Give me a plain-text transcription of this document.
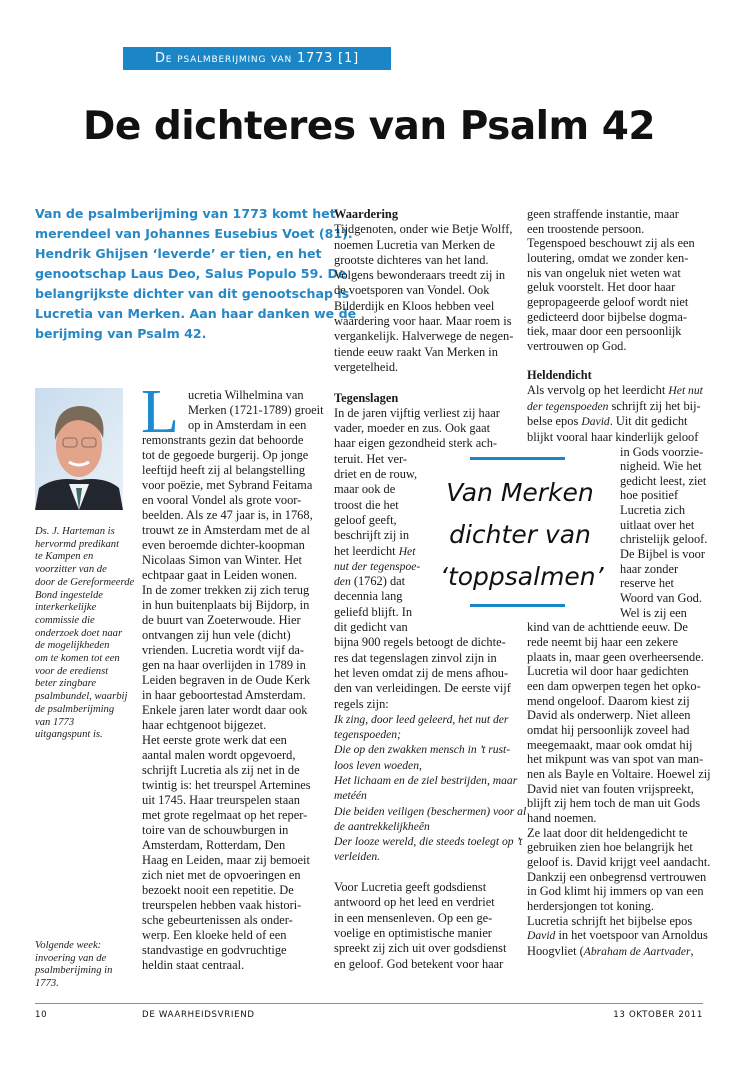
De psalmberijming van 1773 [1]
De dichteres van Psalm 42
Van de psalmberijming van 1773 komt het
merendeel van Johannes Eusebius Voet (81).
Hendrik Ghijsen ‘leverde’ er tien, en het
genootschap Laus Deo, Salus Populo 59. De
belangrijkste dichter van dit genootschap is
Lucretia van Merken. Aan haar danken we de
berijming van Psalm 42.
Ds. J. Harteman is
hervormd predikant
te Kampen en
voorzitter van de
door de Gereformeerde
Bond ingestelde
interkerkelijke
commissie die
onderzoek doet naar
de mogelijkheden
om te komen tot een
voor de eredienst
beter zingbare
psalmbundel, waarbij
de psalmberijming
van 1773
uitgangspunt is.
Volgende week:
invoering van de
psalmberijming in
1773.
L ucretia Wilhelmina van
Merken (1721-1789) groeit
op in Amsterdam in een
remonstrants gezin dat behoorde
tot de gegoede burgerij. Op jonge
leeftijd heeft zij al belangstelling
voor poëzie, met Sybrand Feitama
en vooral Vondel als grote voor-
beelden. Als ze 47 jaar is, in 1768,
trouwt ze in Amsterdam met de al
even beroemde dichter-koopman
Nicolaas Simon van Winter. Het
echtpaar gaat in Leiden wonen.
In de zomer trekken zij zich terug
in hun buitenplaats bij Bijdorp, in
de buurt van Zoeterwoude. Hier
ontvangen zij hun vele (dicht)
vrienden. Lucretia wordt vijf da-
gen na haar overlijden in 1789 in
Leiden begraven in de Oude Kerk
in haar geboortestad Amsterdam.
Enkele jaren later wordt daar ook
haar echtgenoot bijgezet.
Het eerste grote werk dat een
aantal malen wordt opgevoerd,
schrijft Lucretia als zij net in de
twintig is: het treurspel Artemines
uit 1745. Haar treurspelen staan
met grote regelmaat op het reper-
toire van de schouwburgen in
Amsterdam, Rotterdam, Den
Haag en Leiden, maar zij bemoeit
zich niet met de opvoeringen en
bezoekt nooit een repetitie. De
treurspelen hebben vaak histori-
sche gebeurtenissen als onder-
werp. Een kloeke held of een
standvastige en godvruchtige
heldin staat centraal.
Waardering
Tijdgenoten, onder wie Betje Wolff,
noemen Lucretia van Merken de
grootste dichteres van het land.
Volgens bewonderaars treedt zij in
de voetsporen van Vondel. Ook
Bilderdijk en Kloos hebben veel
waardering voor haar. Maar roem is
vergankelijk. Halverwege de negen-
tiende eeuw raakt Van Merken in
vergetelheid.

Tegenslagen
In de jaren vijftig verliest zij haar
vader, moeder en zus. Ook gaat
haar eigen gezondheid sterk ach-
teruit. Het ver-
driet en de rouw,
maar ook de
troost die het
geloof geeft,
beschrijft zij in
het leerdicht Het
nut der tegenspoe-
den (1762) dat
decennia lang
geliefd blijft. In
dit gedicht van
bijna 900 regels betoogt de dichte-
res dat tegenslagen zinvol zijn in
het leven omdat zij de mens afhou-
den van verleidingen. De eerste vijf
regels zijn:
Ik zing, door leed geleerd, het nut der
tegenspoeden;
Die op den zwakken mensch in ’t rust-
loos leven woeden,
Het lichaam en de ziel bestrijden, maar
metéén
Die beiden veiligen (beschermen) voor al
de aantrekkelijkheên
Der looze wereld, die steeds toelegt op ’t
verleiden.

Voor Lucretia geeft godsdienst
antwoord op het leed en verdriet
in een mensenleven. Op een ge-
voelige en optimistische manier
spreekt zij zich uit over godsdienst
en geloof. God betekent voor haar
geen straffende instantie, maar
een troostende persoon.
Tegenspoed beschouwt zij als een
loutering, omdat we zonder ken-
nis van ongeluk niet weten wat
geluk voorstelt. Het door haar
gepropageerde geloof wordt niet
gedicteerd door bijbelse dogma-
tiek, maar door een persoonlijk
vertrouwen op God.

Heldendicht
Als vervolg op het leerdicht Het nut
der tegenspoeden schrijft zij het bij-
belse epos David. Uit dit gedicht
blijkt vooral haar kinderlijk geloof
in Gods voorzie-
nigheid. Wie het
gedicht leest, ziet
hoe positief
Lucretia zich
uitlaat over het
christelijk geloof.
De Bijbel is voor
haar zonder
reserve het
Woord van God.
Wel is zij een
kind van de achttiende eeuw. De
rede neemt bij haar een zekere
plaats in, maar geen overheersende.
Lucretia wil door haar gedichten
een dam opwerpen tegen het opko-
mend ongeloof. Daarom kiest zij
David als onderwerp. Niet alleen
omdat hij persoonlijk zoveel had
meegemaakt, maar ook omdat hij
het mikpunt was van spot van man-
nen als Bayle en Voltaire. Hoewel zij
David niet van fouten vrijspreekt,
blijft zij hem toch de man uit Gods
hand noemen.
Ze laat door dit heldengedicht te
gebruiken zien hoe belangrijk het
geloof is. David krijgt veel aandacht.
Dankzij een onbegrensd vertrouwen
in God klimt hij immers op van een
herdersjongen tot koning.
Lucretia schrijft het bijbelse epos
David in het voetspoor van Arnoldus
Hoogvliet (Abraham de Aartvader,
Van Merken
dichter van
‘toppsalmen’
10	DE WAARHEIDSVRIEND	13 OKTOBER 2011
